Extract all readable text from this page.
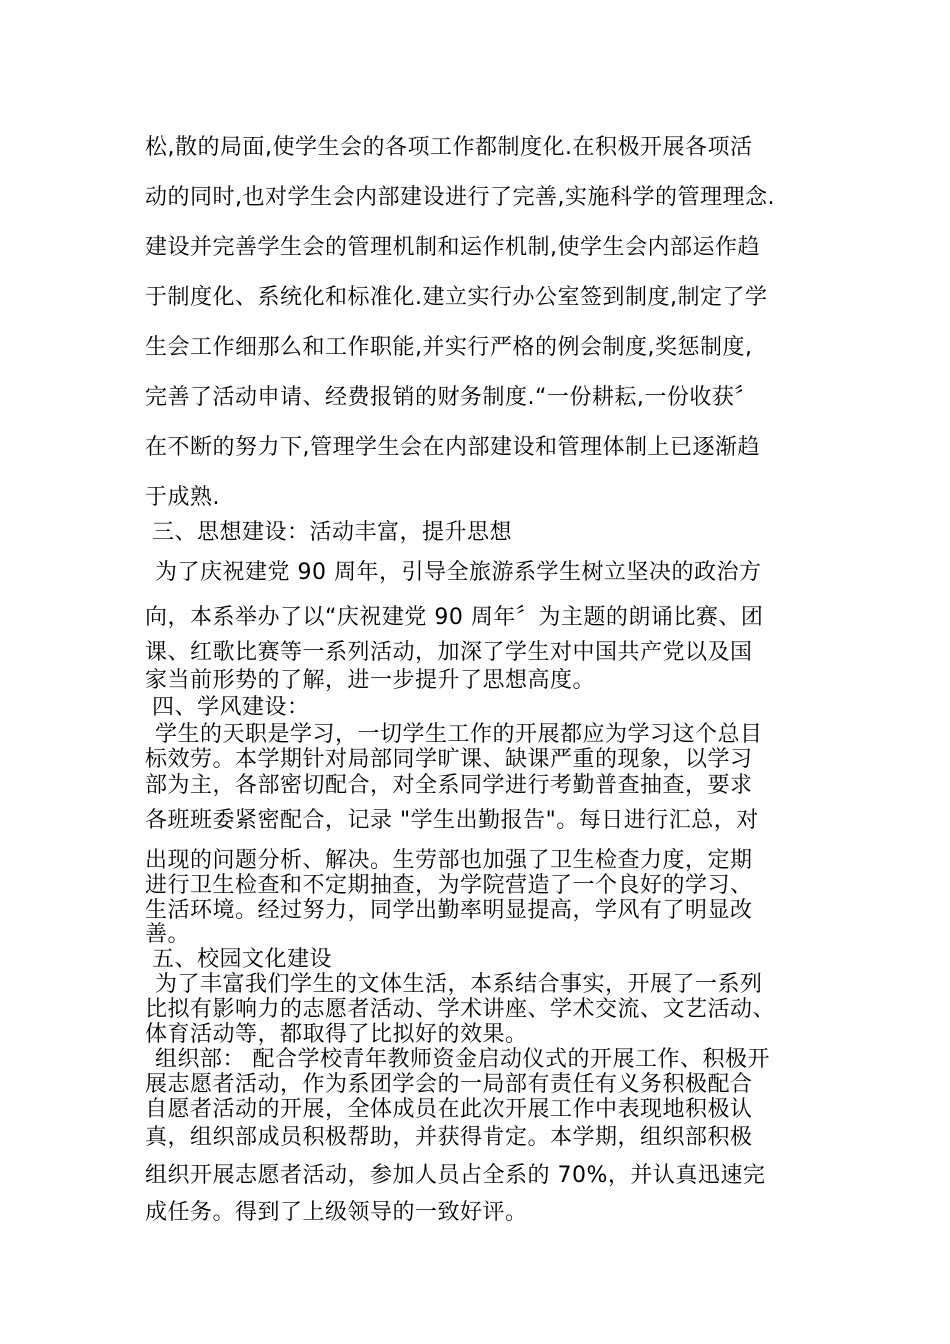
松,散的局面,使学生会的各项工作都制度化.在积极开展各项活
动的同时,也对学生会内部建设进行了完善,实施科学的管理理念.
建设并完善学生会的管理机制和运作机制,使学生会内部运作趋
于制度化、系统化和标准化.建立实行办公室签到制度,制定了学
生会工作细那么和工作职能,并实行严格的例会制度,奖惩制度,
完善了活动申请、经费报销的财务制度.“一份耕耘,一份收获〞
在不断的努力下,管理学生会在内部建设和管理体制上已逐渐趋
于成熟.
三、思想建设：活动丰富，提升思想
为了庆祝建党 90 周年，引导全旅游系学生树立坚决的政治方
向，本系举办了以“庆祝建党 90 周年〞为主题的朗诵比赛、团
课、红歌比赛等一系列活动，加深了学生对中国共产党以及国
家当前形势的了解，进一步提升了思想高度。
四、学风建设：
学生的天职是学习，一切学生工作的开展都应为学习这个总目
标效劳。本学期针对局部同学旷课、缺课严重的现象，以学习
部为主，各部密切配合，对全系同学进行考勤普查抽查，要求
各班班委紧密配合，记录 "学生出勤报告"。每日进行汇总，对
出现的问题分析、解决。生劳部也加强了卫生检查力度，定期
进行卫生检查和不定期抽查，为学院营造了一个良好的学习、
生活环境。经过努力，同学出勤率明显提高，学风有了明显改
善。
五、校园文化建设
为了丰富我们学生的文体生活，本系结合事实，开展了一系列
比拟有影响力的志愿者活动、学术讲座、学术交流、文艺活动、
体育活动等，都取得了比拟好的效果。
组织部： 配合学校青年教师资金启动仪式的开展工作、积极开
展志愿者活动，作为系团学会的一局部有责任有义务积极配合
自愿者活动的开展，全体成员在此次开展工作中表现地积极认
真，组织部成员积极帮助，并获得肯定。本学期，组织部积极
组织开展志愿者活动，参加人员占全系的 70%，并认真迅速完
成任务。得到了上级领导的一致好评。
